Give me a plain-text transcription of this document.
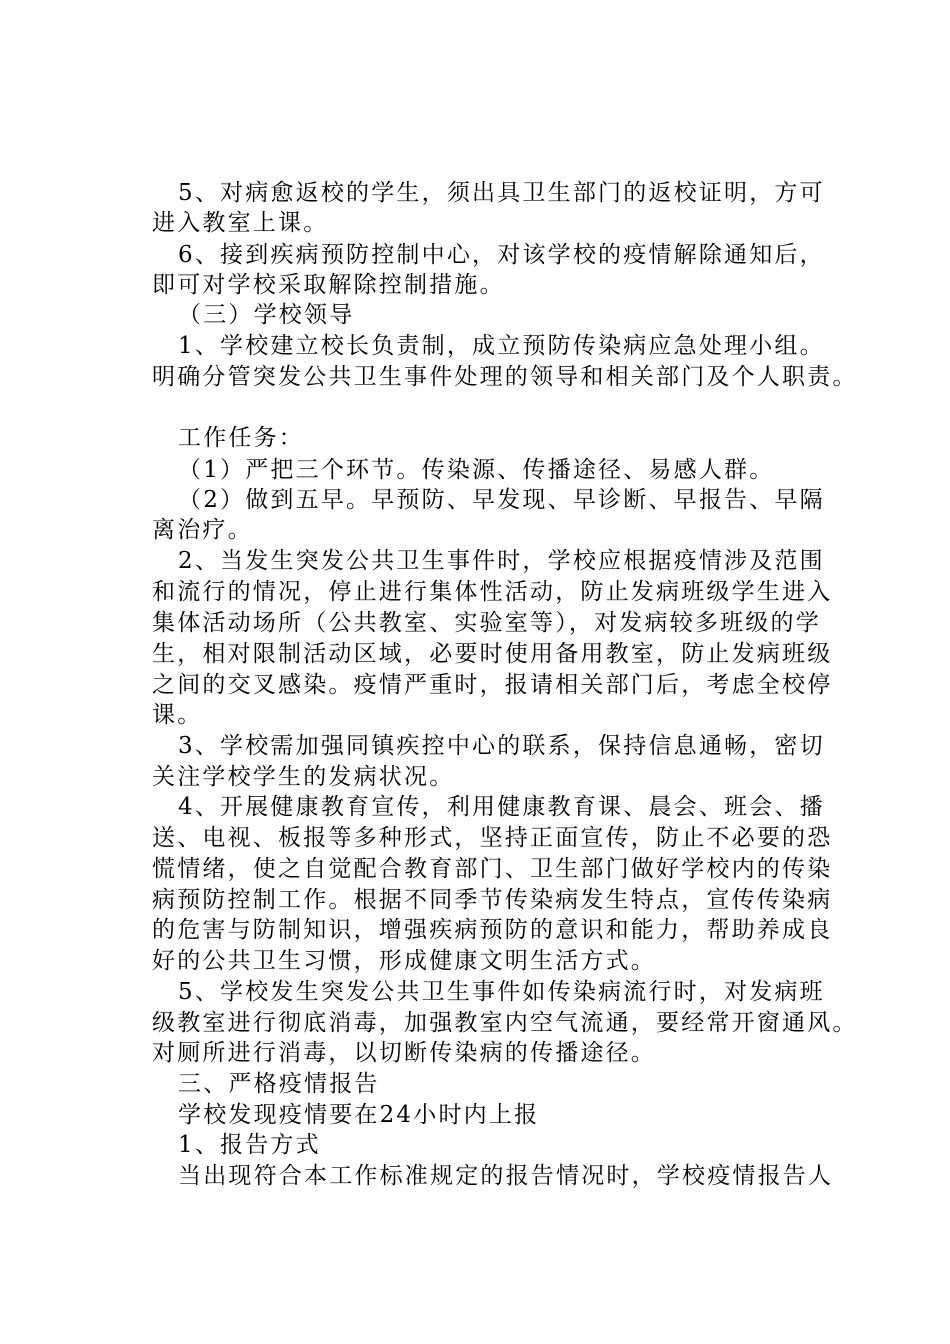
5、对病愈返校的学生，须出具卫生部门的返校证明，方可
进入教室上课。
6、接到疾病预防控制中心，对该学校的疫情解除通知后，
即可对学校采取解除控制措施。
（三）学校领导
1、学校建立校长负责制，成立预防传染病应急处理小组。
明确分管突发公共卫生事件处理的领导和相关部门及个人职责。
工作任务：
（1）严把三个环节。传染源、传播途径、易感人群。
（2）做到五早。早预防、早发现、早诊断、早报告、早隔
离治疗。
2、当发生突发公共卫生事件时，学校应根据疫情涉及范围
和流行的情况，停止进行集体性活动，防止发病班级学生进入
集体活动场所（公共教室、实验室等），对发病较多班级的学
生，相对限制活动区域，必要时使用备用教室，防止发病班级
之间的交叉感染。疫情严重时，报请相关部门后，考虑全校停
课。
3、学校需加强同镇疾控中心的联系，保持信息通畅，密切
关注学校学生的发病状况。
4、开展健康教育宣传，利用健康教育课、晨会、班会、播
送、电视、板报等多种形式，坚持正面宣传，防止不必要的恐
慌情绪，使之自觉配合教育部门、卫生部门做好学校内的传染
病预防控制工作。根据不同季节传染病发生特点，宣传传染病
的危害与防制知识，增强疾病预防的意识和能力，帮助养成良
好的公共卫生习惯，形成健康文明生活方式。
5、学校发生突发公共卫生事件如传染病流行时，对发病班
级教室进行彻底消毒，加强教室内空气流通，要经常开窗通风。
对厕所进行消毒，以切断传染病的传播途径。
三、严格疫情报告
学校发现疫情要在24小时内上报
1、报告方式
当出现符合本工作标准规定的报告情况时，学校疫情报告人
